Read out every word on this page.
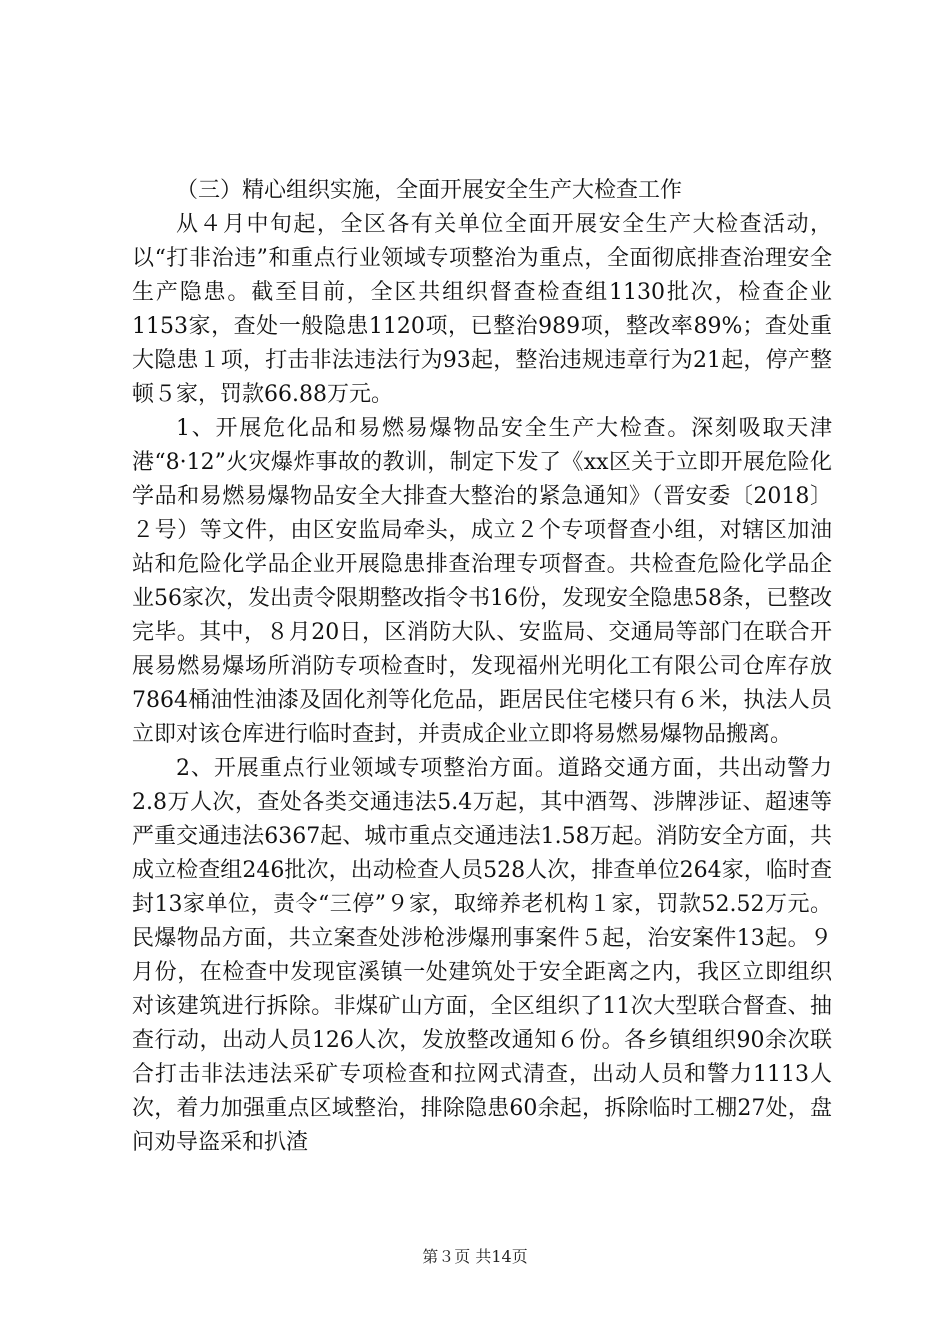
（三）精心组织实施，全面开展安全生产大检查工作

从４月中旬起，全区各有关单位全面开展安全生产大检查活动，以“打非治违”和重点行业领域专项整治为重点，全面彻底排查治理安全生产隐患。截至目前，全区共组织督查检查组1130批次，检查企业1153家，查处一般隐患1120项，已整治989项，整改率89%；查处重大隐患１项，打击非法违法行为93起，整治违规违章行为21起，停产整顿５家，罚款66.88万元。

1、开展危化品和易燃易爆物品安全生产大检查。深刻吸取天津港“8·12”火灾爆炸事故的教训，制定下发了《xx区关于立即开展危险化学品和易燃易爆物品安全大排查大整治的紧急通知》（晋安委〔2018〕２号）等文件，由区安监局牵头，成立２个专项督查小组，对辖区加油站和危险化学品企业开展隐患排查治理专项督查。共检查危险化学品企业56家次，发出责令限期整改指令书16份，发现安全隐患58条，已整改完毕。其中，８月20日，区消防大队、安监局、交通局等部门在联合开展易燃易爆场所消防专项检查时，发现福州光明化工有限公司仓库存放7864桶油性油漆及固化剂等化危品，距居民住宅楼只有６米，执法人员立即对该仓库进行临时查封，并责成企业立即将易燃易爆物品搬离。

2、开展重点行业领域专项整治方面。道路交通方面，共出动警力2.8万人次，查处各类交通违法5.4万起，其中酒驾、涉牌涉证、超速等严重交通违法6367起、城市重点交通违法1.58万起。消防安全方面，共成立检查组246批次，出动检查人员528人次，排查单位264家，临时查封13家单位，责令“三停”９家，取缔养老机构１家，罚款52.52万元。民爆物品方面，共立案查处涉枪涉爆刑事案件５起，治安案件13起。９月份，在检查中发现宦溪镇一处建筑处于安全距离之内，我区立即组织对该建筑进行拆除。非煤矿山方面，全区组织了11次大型联合督查、抽查行动，出动人员126人次，发放整改通知６份。各乡镇组织90余次联合打击非法违法采矿专项检查和拉网式清查，出动人员和警力1113人次，着力加强重点区域整治，排除隐患60余起，拆除临时工棚27处，盘问劝导盗采和扒渣

第３页 共14页
